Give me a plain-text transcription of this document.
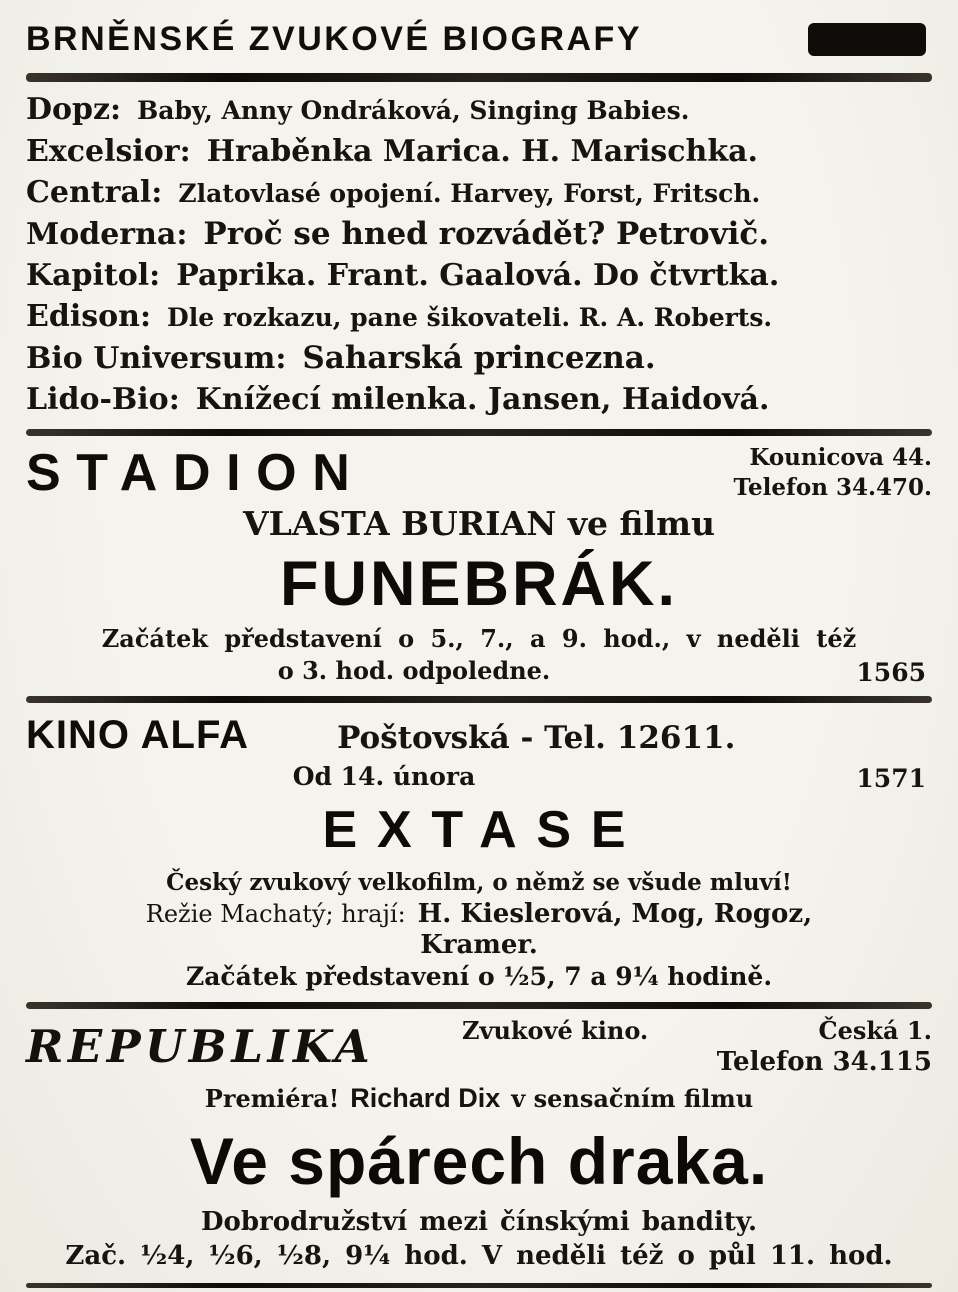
BRNĚNSKÉ ZVUKOVÉ BIOGRAFY
Dopz: Baby, Anny Ondráková, Singing Babies.
Excelsior: Hraběnka Marica. H. Marischka.
Central: Zlatovlasé opojení. Harvey, Forst, Fritsch.
Moderna: Proč se hned rozvádět? Petrovič.
Kapitol: Paprika. Frant. Gaalová. Do čtvrtka.
Edison: Dle rozkazu, pane šikovateli. R. A. Roberts.
Bio Universum: Saharská princezna.
Lido-Bio: Knížecí milenka. Jansen, Haidová.
STADION	Kounicova 44.
Telefon 34.470.
VLASTA BURIAN ve filmu
FUNEBRÁK.
Začátek představení o 5., 7., a 9. hod., v neděli též
o 3. hod. odpoledne.	1565
KINO ALFA	Poštovská - Tel. 12611.
Od 14. února	1571
EXTASE
Český zvukový velkofilm, o němž se všude mluví!
Režie Machatý; hrají: H. Kieslerová, Mog, Rogoz,
Kramer.
Začátek představení o ½5, 7 a 9¼ hodině.
REPUBLIKA	Zvukové kino.	Česká 1.
Telefon 34.115
Premiéra! Richard Dix v sensačním filmu
Ve spárech draka.
Dobrodružství mezi čínskými bandity.
Zač. ½4, ½6, ½8, 9¼ hod. V neděli též o půl 11. hod.
